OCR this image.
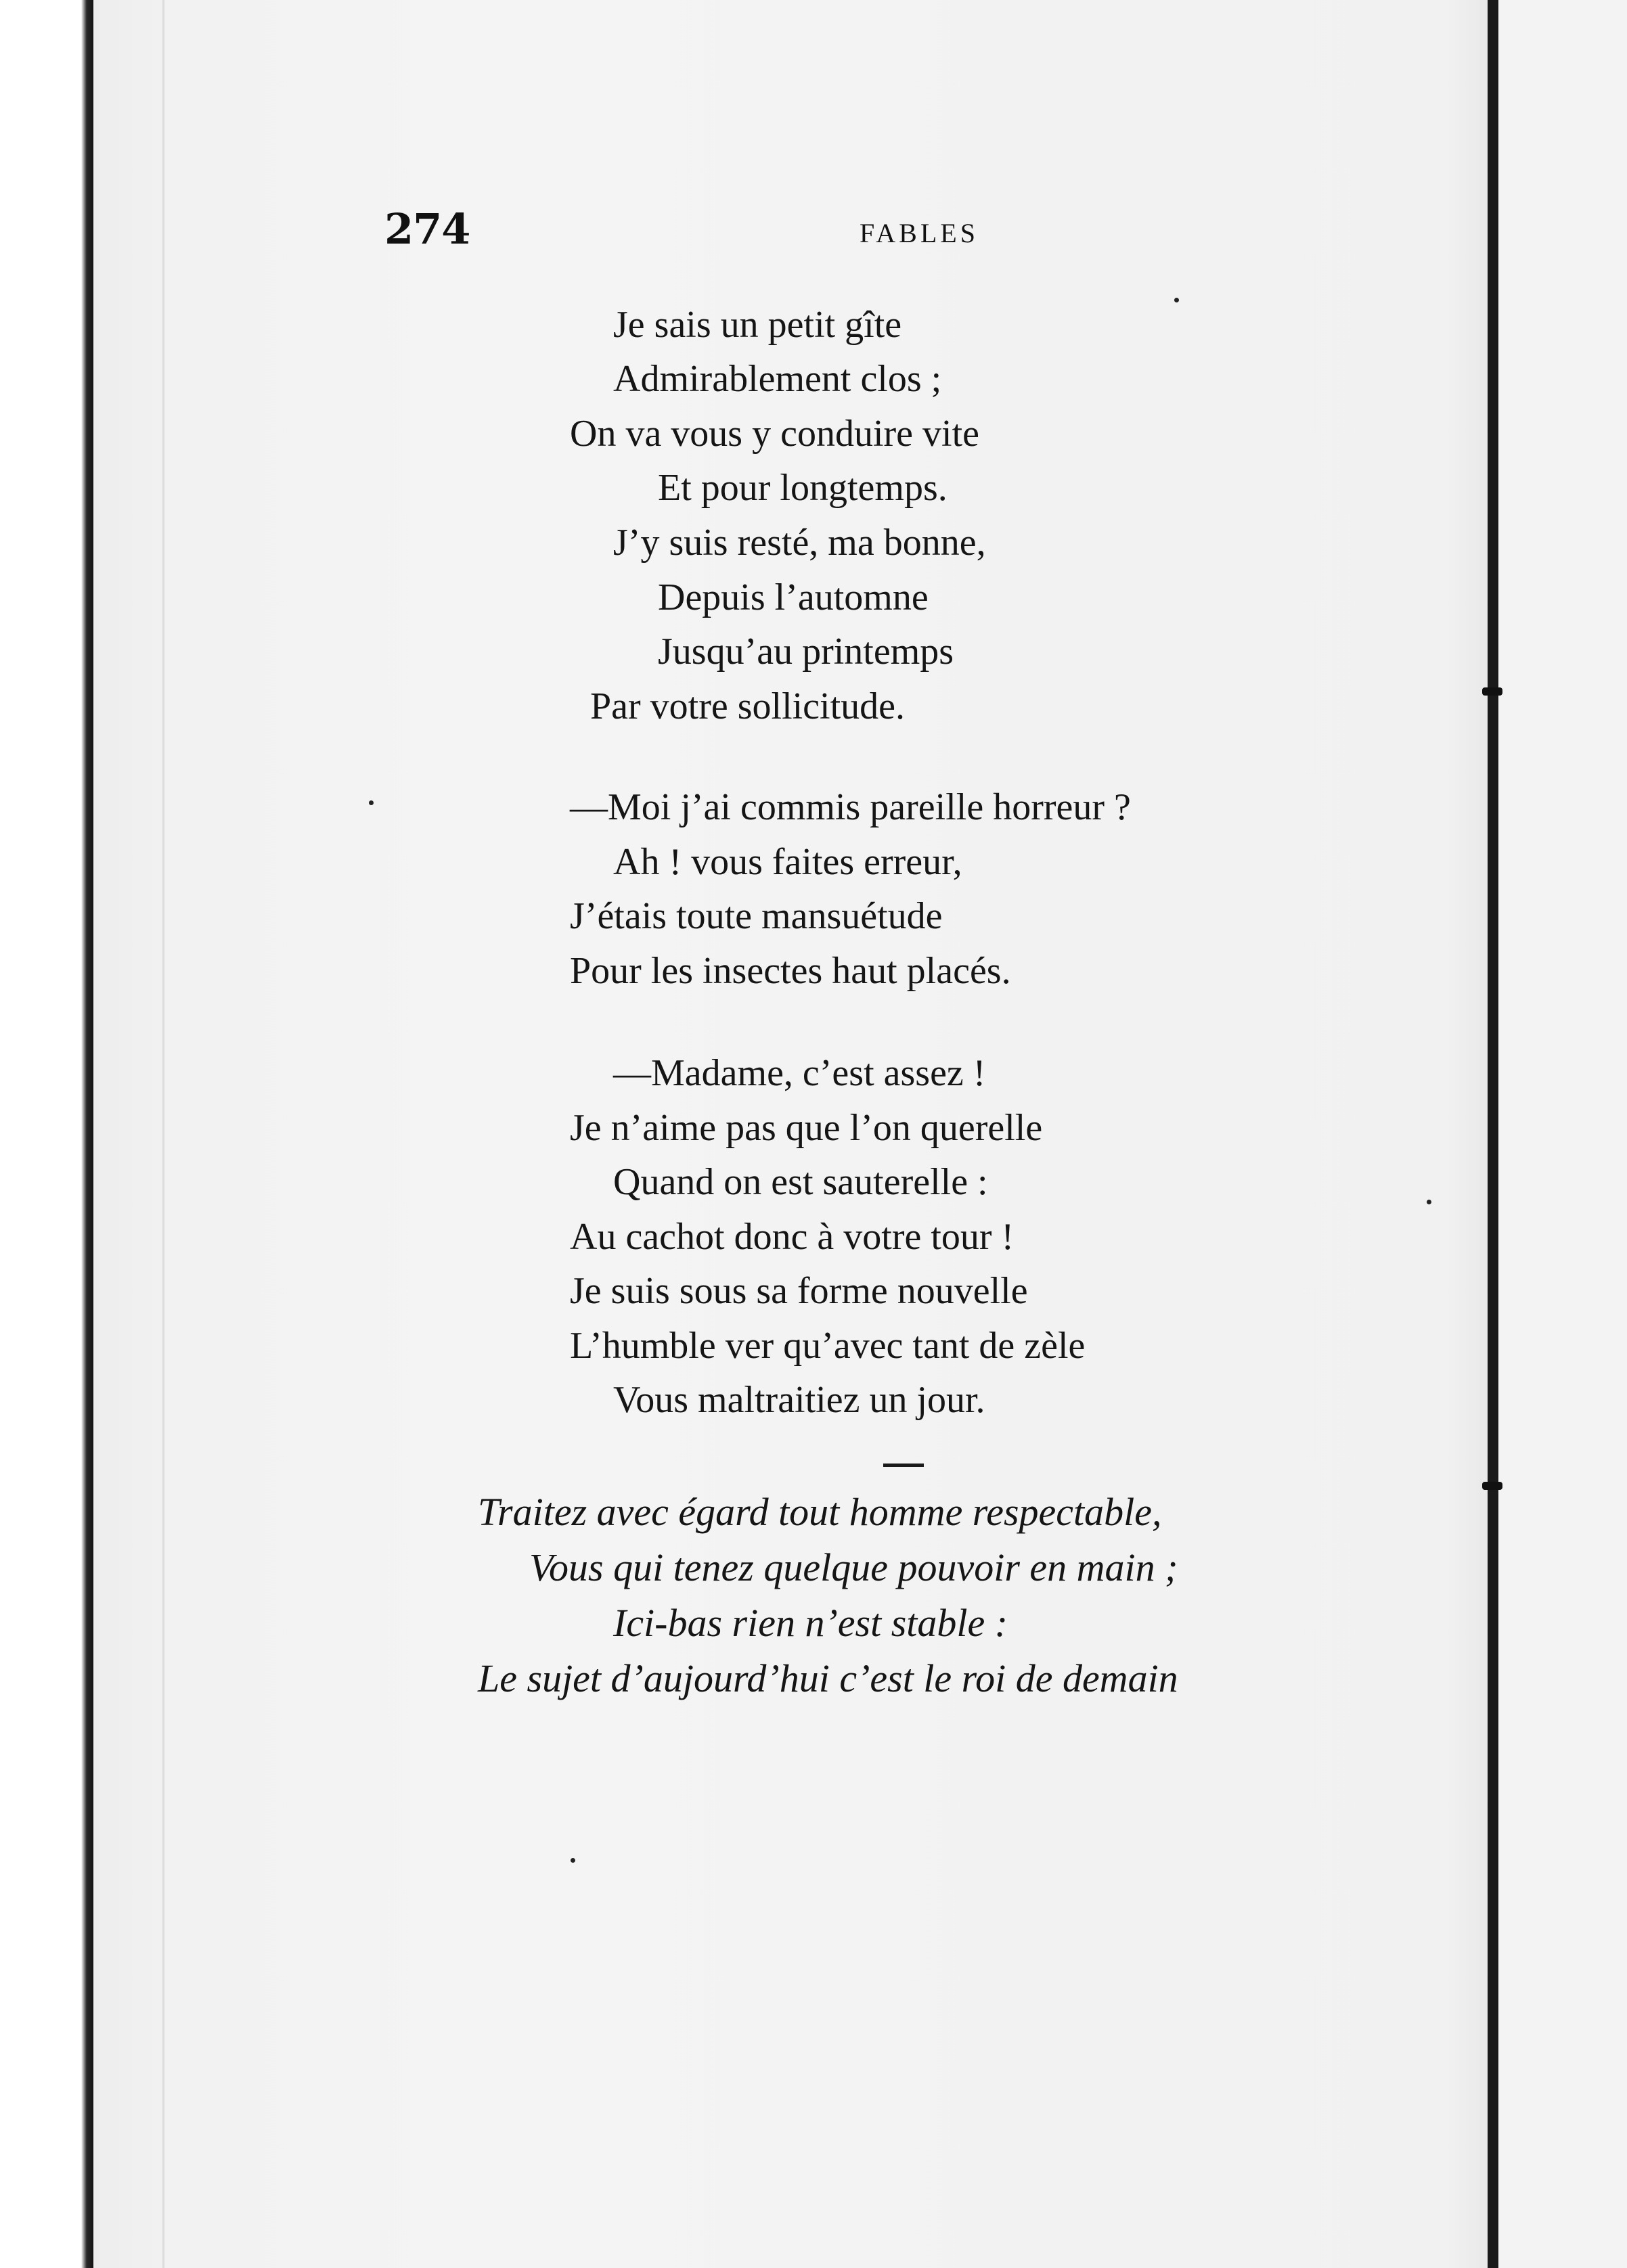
274	FABLES
Je sais un petit gîte
Admirablement clos ;
On va vous y conduire vite
Et pour longtemps.
J’y suis resté, ma bonne,
Depuis l’automne
Jusqu’au printemps
Par votre sollicitude.
—Moi j’ai commis pareille horreur ?
Ah ! vous faites erreur,
J’étais toute mansuétude
Pour les insectes haut placés.
—Madame, c’est assez !
Je n’aime pas que l’on querelle
Quand on est sauterelle :
Au cachot donc à votre tour !
Je suis sous sa forme nouvelle
L’humble ver qu’avec tant de zèle
Vous maltraitiez un jour.
Traitez avec égard tout homme respectable,
Vous qui tenez quelque pouvoir en main ;
Ici-bas rien n’est stable :
Le sujet d’aujourd’hui c’est le roi de demain
